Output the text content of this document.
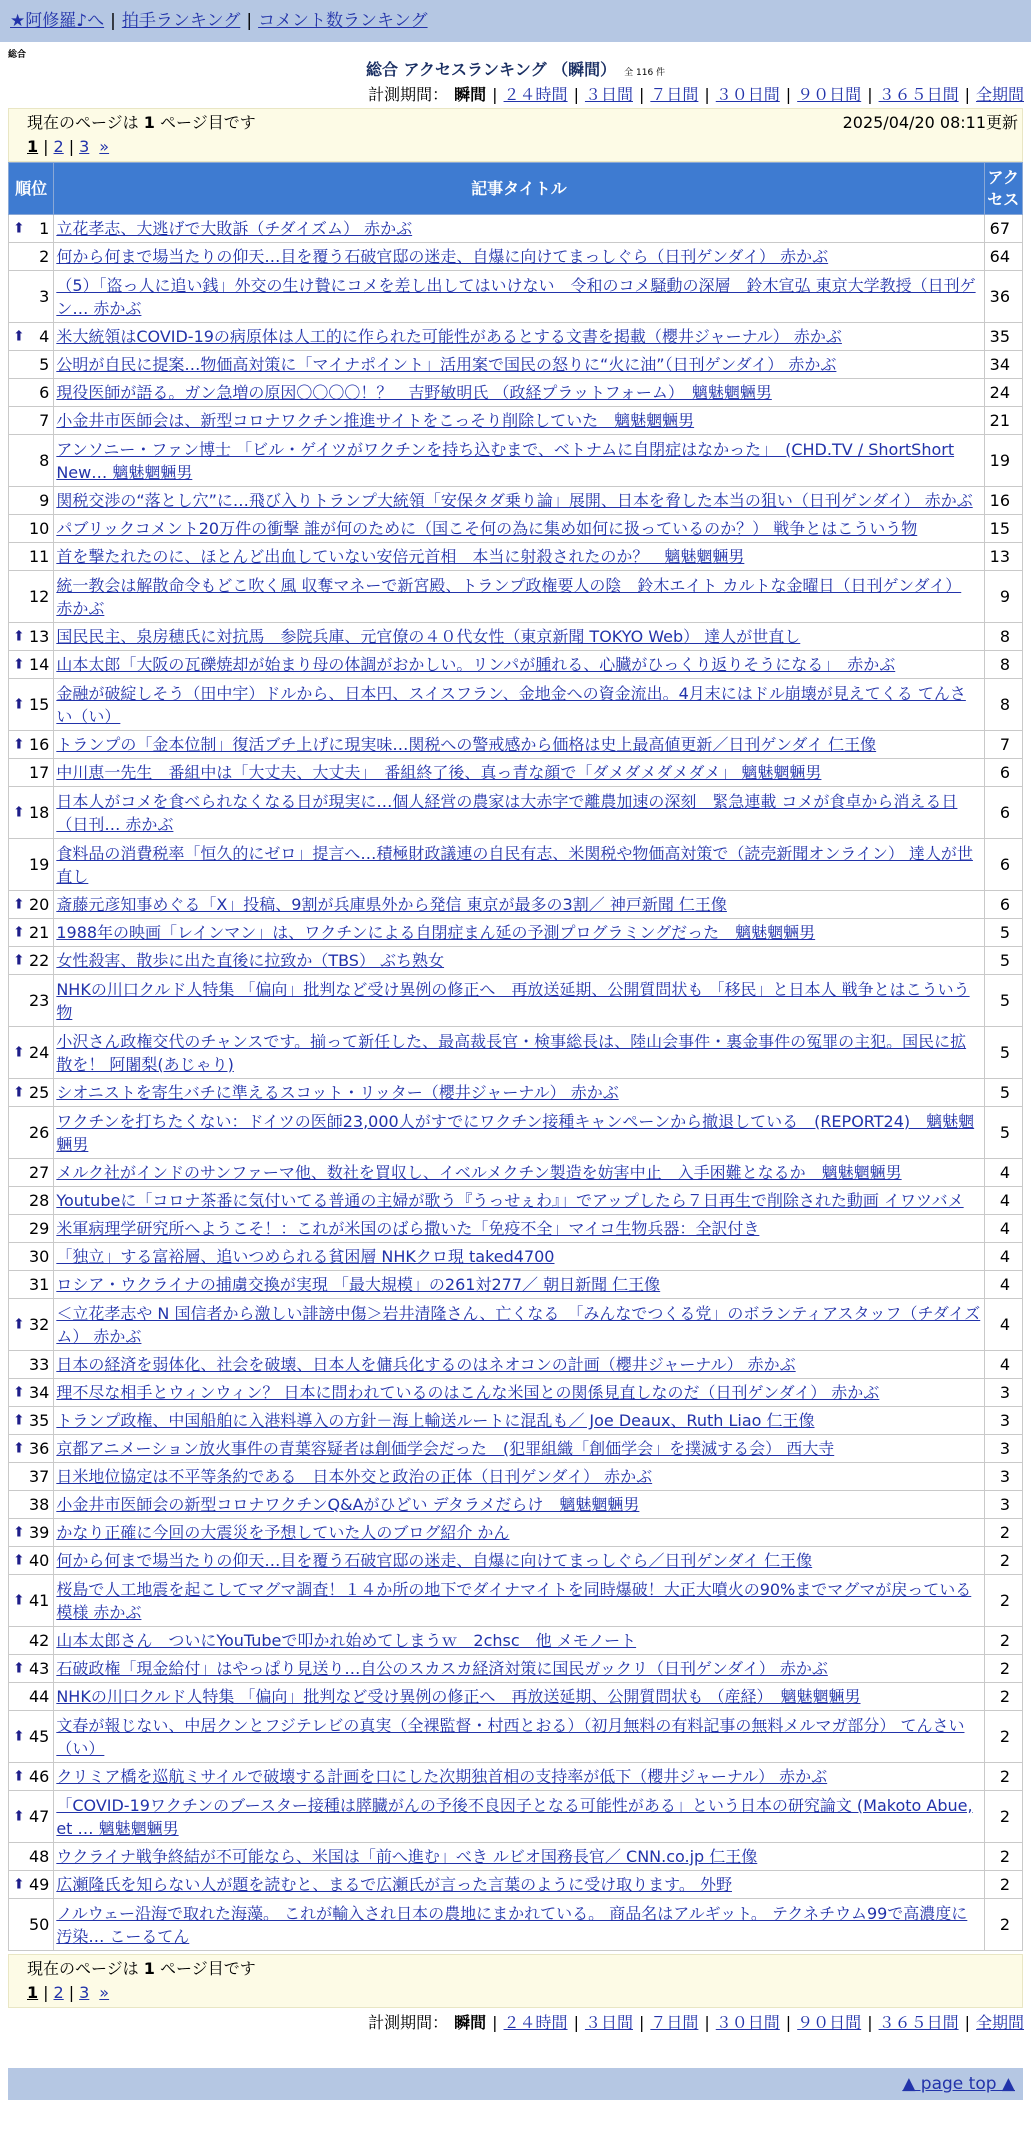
★阿修羅♪へ | 拍手ランキング | コメント数ランキング
総合
総合 アクセスランキング （瞬間） 全 116 件
計測期間： 瞬間 | ２４時間 | ３日間 | ７日間 | ３０日間 | ９０日間 | ３６５日間 | 全期間
現在のページは 1 ページ目です	2025/04/20 08:11更新
1 | 2 | 3 »
順位	記事タイトル	アクセス

⬆ 1	立花孝志、大逃げで大敗訴（チダイズム） 赤かぶ	67
2	何から何まで場当たりの仰天…目を覆う石破官邸の迷走、自爆に向けてまっしぐら（日刊ゲンダイ） 赤かぶ	64
3	（5）「盗っ人に追い銭」外交の生け贄にコメを差し出してはいけない　令和のコメ騒動の深層　鈴木宣弘 東京大学教授（日刊ゲン… 赤かぶ	36

⬆ 4	米大統領はCOVID-19の病原体は人工的に作られた可能性があるとする文書を掲載（櫻井ジャーナル） 赤かぶ	35
5	公明が自民に提案…物価高対策に「マイナポイント」活用案で国民の怒りに“火に油”（日刊ゲンダイ） 赤かぶ	34
6	現役医師が語る。ガン急増の原因〇〇〇〇！？　吉野敏明氏 （政経プラットフォーム）　魑魅魍魎男	24
7	小金井市医師会は、新型コロナワクチン推進サイトをこっそり削除していた　魑魅魍魎男	21
8	アンソニー・ファン博士 「ビル・ゲイツがワクチンを持ち込むまで、ベトナムに自閉症はなかった」　(CHD.TV / ShortShort New… 魑魅魍魎男	19
9	関税交渉の“落とし穴”に…飛び入りトランプ大統領「安保タダ乗り論」展開、日本を脅した本当の狙い（日刊ゲンダイ） 赤かぶ	16
10	パブリックコメント20万件の衝撃 誰が何のために（国こそ何の為に集め如何に扱っているのか？） 戦争とはこういう物	15
11	首を撃たれたのに、ほとんど出血していない安倍元首相　本当に射殺されたのか？　魑魅魍魎男	13
12	統一教会は解散命令もどこ吹く風 収奪マネーで新宮殿、トランプ政権要人の陰　鈴木エイト カルトな金曜日（日刊ゲンダイ） 赤かぶ	9

⬆ 13	国民民主、泉房穂氏に対抗馬　参院兵庫、元官僚の４０代女性（東京新聞 TOKYO Web） 達人が世直し	8

⬆ 14	山本太郎「大阪の瓦礫焼却が始まり母の体調がおかしい。リンパが腫れる、心臓がひっくり返りそうになる」　赤かぶ	8

⬆ 15	金融が破綻しそう（田中宇）ドルから、日本円、スイスフラン、金地金への資金流出。4月末にはドル崩壊が見えてくる てんさい（い）	8

⬆ 16	トランプの「金本位制」復活ブチ上げに現実味…関税への警戒感から価格は史上最高値更新／日刊ゲンダイ 仁王像	7
17	中川恵一先生　番組中は「大丈夫、大丈夫」　番組終了後、真っ青な顔で「ダメダメダメダメ」 魑魅魍魎男	6

⬆ 18	日本人がコメを食べられなくなる日が現実に…個人経営の農家は大赤字で離農加速の深刻　緊急連載 コメが食卓から消える日（日刊… 赤かぶ	6
19	食料品の消費税率「恒久的にゼロ」提言へ…積極財政議連の自民有志、米関税や物価高対策で（読売新聞オンライン） 達人が世直し	6

⬆ 20	斎藤元彦知事めぐる「X」投稿、9割が兵庫県外から発信 東京が最多の3割／ 神戸新聞 仁王像	6

⬆ 21	1988年の映画「レインマン」は、ワクチンによる自閉症まん延の予測プログラミングだった　魑魅魍魎男	5

⬆ 22	女性殺害、散歩に出た直後に拉致か（TBS） ぶち熟女	5
23	NHKの川口クルド人特集 「偏向」批判など受け異例の修正へ　再放送延期、公開質問状も 「移民」と日本人 戦争とはこういう物	5

⬆ 24	小沢さん政権交代のチャンスです。揃って新任した、最高裁長官・検事総長は、陸山会事件・裏金事件の冤罪の主犯。国民に拡散を！ 阿闍梨(あじゃり)	5

⬆ 25	シオニストを寄生バチに準えるスコット・リッター（櫻井ジャーナル） 赤かぶ	5
26	ワクチンを打ちたくない：ドイツの医師23,000人がすでにワクチン接種キャンペーンから撤退している　(REPORT24)　魑魅魍魎男	5
27	メルク社がインドのサンファーマ他、数社を買収し、イベルメクチン製造を妨害中止　入手困難となるか　魑魅魍魎男	4
28	Youtubeに「コロナ茶番に気付いてる普通の主婦が歌う『うっせぇわ』」でアップしたら７日再生で削除された動画 イワツバメ	4
29	米軍病理学研究所へようこそ！：これが米国のばら撒いた「免疫不全」マイコ生物兵器：全訳付き	4
30	「独立」する富裕層、追いつめられる貧困層 NHKクロ現 taked4700	4
31	ロシア・ウクライナの捕虜交換が実現 「最大規模」の261対277／ 朝日新聞 仁王像	4

⬆ 32	＜立花孝志や N 国信者から激しい誹謗中傷＞岩井清隆さん、亡くなる　「みんなでつくる党」のボランティアスタッフ（チダイズム） 赤かぶ	4
33	日本の経済を弱体化、社会を破壊、日本人を傭兵化するのはネオコンの計画（櫻井ジャーナル） 赤かぶ	4

⬆ 34	理不尽な相手とウィンウィン？ 日本に問われているのはこんな米国との関係見直しなのだ（日刊ゲンダイ） 赤かぶ	3

⬆ 35	トランプ政権、中国船舶に入港料導入の方針－海上輸送ルートに混乱も／ Joe Deaux、Ruth Liao 仁王像	3

⬆ 36	京都アニメーション放火事件の青葉容疑者は創価学会だった　(犯罪組織「創価学会」を撲滅する会） 西大寺	3
37	日米地位協定は不平等条約である　日本外交と政治の正体（日刊ゲンダイ） 赤かぶ	3
38	小金井市医師会の新型コロナワクチンQ&Aがひどい デタラメだらけ　魑魅魍魎男	3

⬆ 39	かなり正確に今回の大震災を予想していた人のブログ紹介 かん	2

⬆ 40	何から何まで場当たりの仰天…目を覆う石破官邸の迷走、自爆に向けてまっしぐら／日刊ゲンダイ 仁王像	2

⬆ 41	桜島で人工地震を起こしてマグマ調査！１４か所の地下でダイナマイトを同時爆破！大正大噴火の90%までマグマが戻っている模様 赤かぶ	2
42	山本太郎さん　ついにYouTubeで叩かれ始めてしまうｗ　2chsc　他 メモノート	2

⬆ 43	石破政権「現金給付」はやっぱり見送り…自公のスカスカ経済対策に国民ガックリ（日刊ゲンダイ） 赤かぶ	2
44	NHKの川口クルド人特集 「偏向」批判など受け異例の修正へ　再放送延期、公開質問状も （産経）　魑魅魍魎男	2

⬆ 45	文春が報じない、中居クンとフジテレビの真実（全裸監督・村西とおる）（初月無料の有料記事の無料メルマガ部分） てんさい（い）	2

⬆ 46	クリミア橋を巡航ミサイルで破壊する計画を口にした次期独首相の支持率が低下（櫻井ジャーナル） 赤かぶ	2

⬆ 47	「COVID-19ワクチンのブースター接種は膵臓がんの予後不良因子となる可能性がある」という日本の研究論文 (Makoto Abue, et … 魑魅魍魎男	2
48	ウクライナ戦争終結が不可能なら、米国は「前へ進む」べき ルビオ国務長官／ CNN.co.jp 仁王像	2

⬆ 49	広瀬隆氏を知らない人が題を読むと、まるで広瀬氏が言った言葉のように受け取ります。 外野	2
50	ノルウェー沿海で取れた海藻。 これが輸入され日本の農地にまかれている。 商品名はアルギット。 テクネチウム99で高濃度に汚染… こーるてん	2
現在のページは 1 ページ目です
1 | 2 | 3 »
計測期間： 瞬間 | ２４時間 | ３日間 | ７日間 | ３０日間 | ９０日間 | ３６５日間 | 全期間
▲ page top ▲
